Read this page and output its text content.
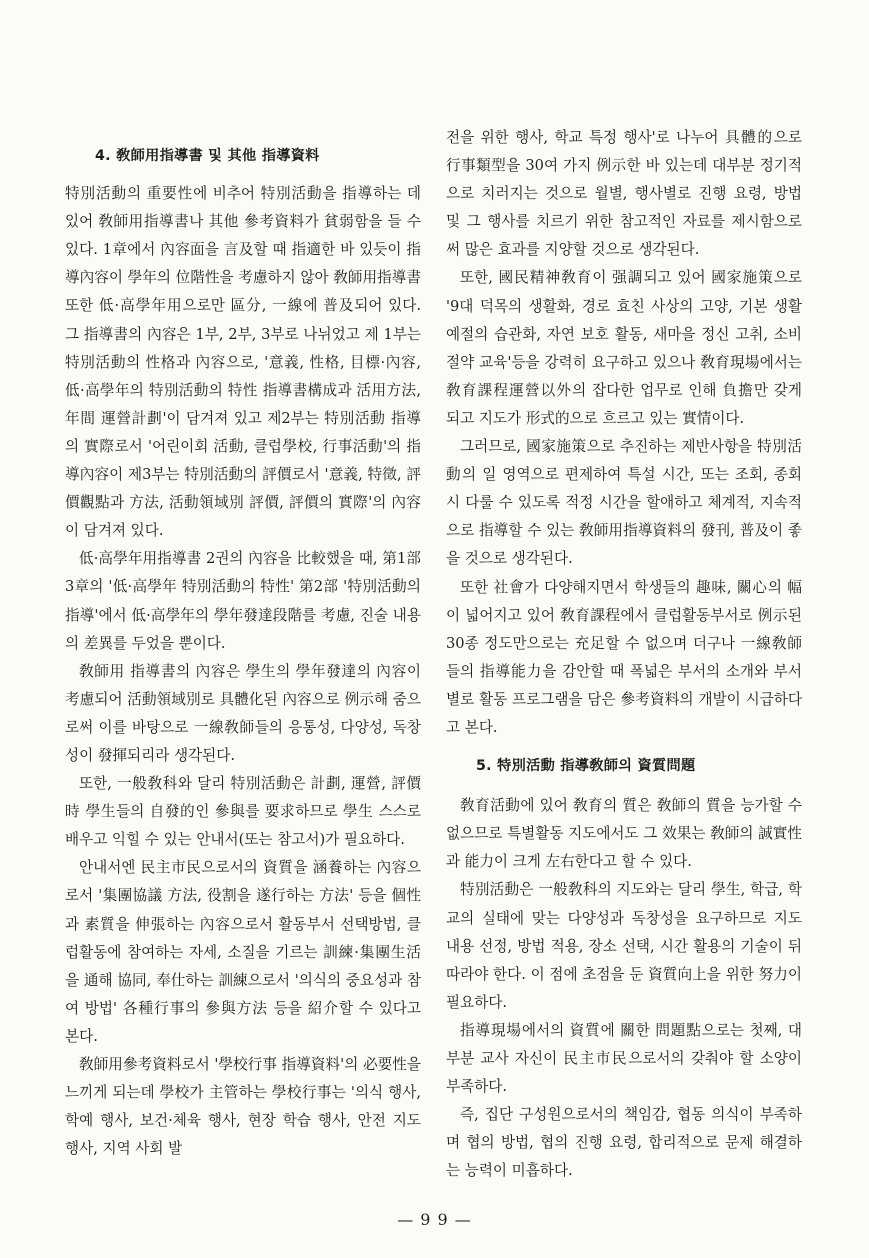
4. 敎師用指導書 및 其他 指導資料

特別活動의 重要性에 비추어 特別活動을 指導하는 데 있어 敎師用指導書나 其他 參考資料가 貧弱함을 들 수 있다. 1章에서 內容面을 言及할 때 指適한 바 있듯이 指導內容이 學年의 位階性을 考慮하지 않아 敎師用指導書 또한 低·高學年用으로만 區分, 一線에 普及되어 있다. 그 指導書의 內容은 1부, 2부, 3부로 나뉘었고 제 1부는 特別活動의 性格과 內容으로, '意義, 性格, 目標·內容, 低·高學年의 特別活動의 特性 指導書構成과 活用方法, 年間 運營計劃'이 담겨져 있고 제2부는 特別活動 指導의 實際로서 '어린이회 活動, 클럽學校, 行事活動'의 指導內容이 제3부는 特別活動의 評價로서 '意義, 特徵, 評價觀點과 方法, 活動領域別 評價, 評價의 實際'의 內容이 담겨져 있다.

低·高學年用指導書 2권의 內容을 比較했을 때, 第1部 3章의 '低·高學年 特別活動의 特性' 第2部 '特別活動의 指導'에서 低·高學年의 學年發達段階를 考慮, 진술 내용의 差異를 두었을 뿐이다.

敎師用 指導書의 內容은 學生의 學年發達의 內容이 考慮되어 活動領域別로 具體化된 內容으로 例示해 줌으로써 이를 바탕으로 一線敎師들의 응통성, 다양성, 독창성이 發揮되리라 생각된다.

또한, 一般敎科와 달리 特別活動은 計劃, 運營, 評價時 學生들의 自發的인 參與를 要求하므로 學生 스스로 배우고 익힐 수 있는 안내서(또는 참고서)가 필요하다.

안내서엔 民主市民으로서의 資質을 涵養하는 內容으로서 '集團協議 方法, 役割을 遂行하는 方法' 등을 個性과 素質을 伸張하는 內容으로서 활동부서 선택방법, 클럽활동에 참여하는 자세, 소질을 기르는 訓練·集團生活을 通해 協同, 奉仕하는 訓練으로서 '의식의 중요성과 참여 방법' 各種行事의 參與方法 등을 紹介할 수 있다고 본다.

敎師用參考資料로서 '學校行事 指導資料'의 必要性을 느끼게 되는데 學校가 主管하는 學校行事는 '의식 행사, 학예 행사, 보건·체육 행사, 현장 학습 행사, 안전 지도 행사, 지역 사회 발

전을 위한 행사, 학교 특정 행사'로 나누어 具體的으로 行事類型을 30여 가지 例示한 바 있는데 대부분 정기적으로 치러지는 것으로 월별, 행사별로 진행 요령, 방법 및 그 행사를 치르기 위한 참고적인 자료를 제시함으로써 많은 효과를 지양할 것으로 생각된다.

또한, 國民精神敎育이 强調되고 있어 國家施策으로 '9대 덕목의 생활화, 경로 효친 사상의 고양, 기본 생활 예절의 습관화, 자연 보호 활동, 새마을 정신 고취, 소비 절약 교육'등을 강력히 요구하고 있으나 敎育現場에서는 敎育課程運營以外의 잡다한 업무로 인해 負擔만 갖게 되고 지도가 形式的으로 흐르고 있는 實情이다.

그러므로, 國家施策으로 추진하는 제반사항을 特別活動의 일 영역으로 편제하여 특설 시간, 또는 조회, 종회시 다룰 수 있도록 적정 시간을 할애하고 체계적, 지속적으로 指導할 수 있는 敎師用指導資料의 發刊, 普及이 좋을 것으로 생각된다.

또한 社會가 다양해지면서 학생들의 趣味, 關心의 幅이 넓어지고 있어 敎育課程에서 클럽활동부서로 例示된 30종 정도만으로는 充足할 수 없으며 더구나 一線敎師들의 指導能力을 감안할 때 폭넓은 부서의 소개와 부서별로 활동 프로그램을 담은 參考資料의 개발이 시급하다고 본다.

5. 特別活動 指導敎師의 資質問題

敎育活動에 있어 敎育의 質은 敎師의 質을 능가할 수 없으므로 특별활동 지도에서도 그 效果는 敎師의 誠實性과 能力이 크게 左右한다고 할 수 있다.

特別活動은 一般敎科의 지도와는 달리 學生, 학급, 학교의 실태에 맞는 다양성과 독창성을 요구하므로 지도 내용 선정, 방법 적용, 장소 선택, 시간 활용의 기술이 뒤따라야 한다. 이 점에 초점을 둔 資質向上을 위한 努力이 필요하다.

指導現場에서의 資質에 關한 問題點으로는 첫째, 대부분 교사 자신이 民主市民으로서의 갖춰야 할 소양이 부족하다.

즉, 집단 구성원으로서의 책임감, 협동 의식이 부족하며 협의 방법, 협의 진행 요령, 합리적으로 문제 해결하는 능력이 미흡하다.

— 9 9 —
